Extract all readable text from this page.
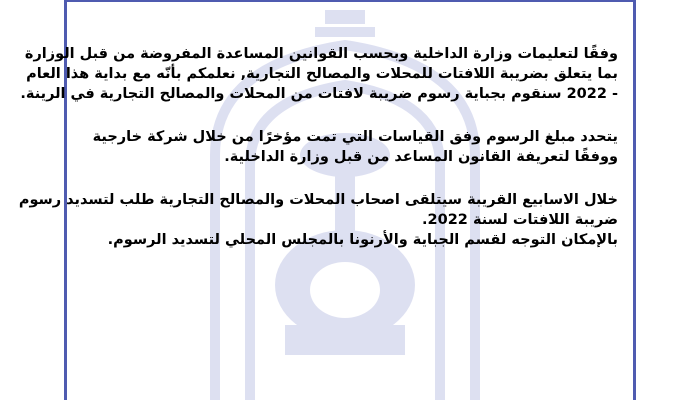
وفقًا لتعليمات وزارة الداخلية وبحسب القوانين المساعدة المفروضة من قبل الوزارة
بما يتعلق بضريبة اللافتات للمحلات والمصالح التجارية, نعلمكم بأنّه مع بداية هذا العام
- 2022 سنقوم بجباية رسوم ضريبة لافتات من المحلات والمصالح التجارية في الرينة.

يتحدد مبلغ الرسوم وفق القياسات التي تمت مؤخرًا من خلال شركة خارجية
ووفقًا لتعريفة القانون المساعد من قبل وزارة الداخلية.

خلال الاسابيع القريبة سيتلقى اصحاب المحلات والمصالح التجارية طلب لتسديد رسوم
ضريبة اللافتات لسنة 2022.
بالإمكان التوجه لقسم الجباية والأرنونا بالمجلس المحلي لتسديد الرسوم.
